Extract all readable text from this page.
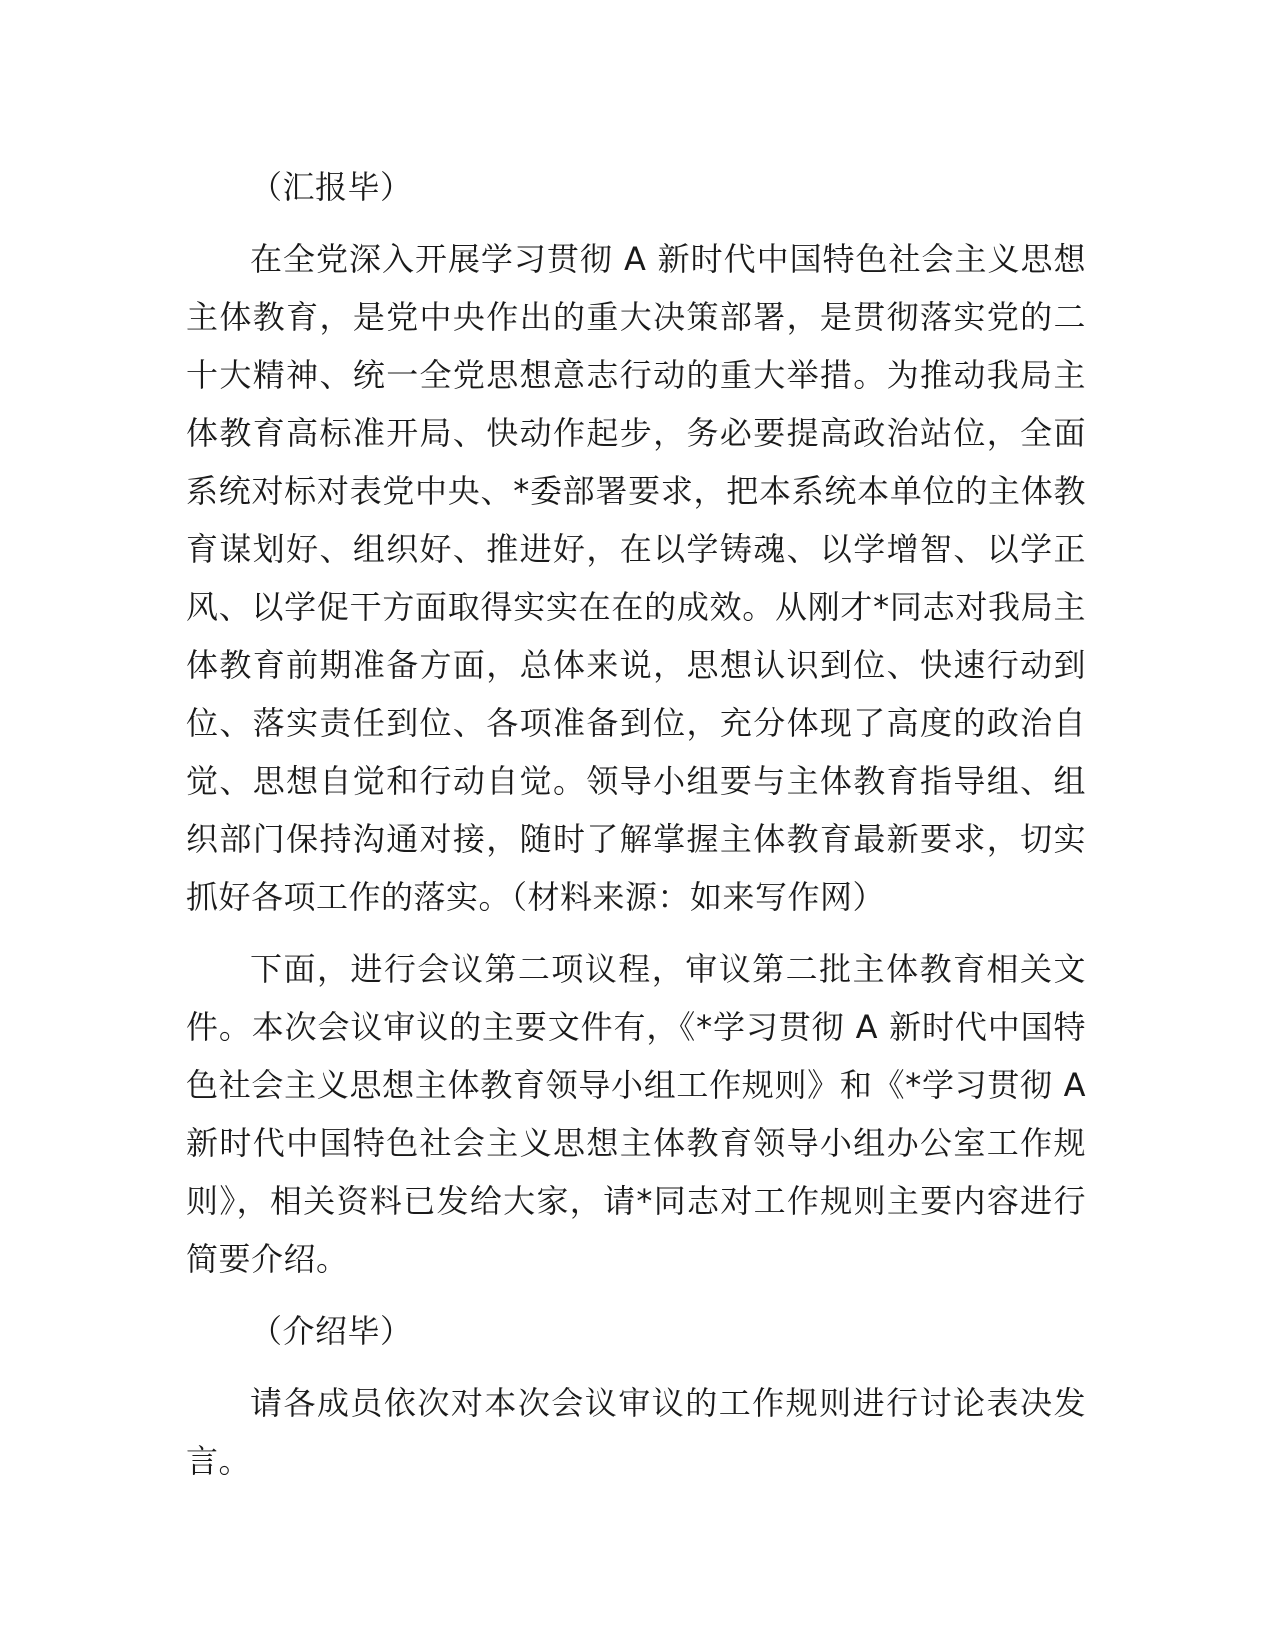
（汇报毕）

在全党深入开展学习贯彻 A 新时代中国特色社会主义思想主体教育，是党中央作出的重大决策部署，是贯彻落实党的二十大精神、统一全党思想意志行动的重大举措。为推动我局主体教育高标准开局、快动作起步，务必要提高政治站位，全面系统对标对表党中央、*委部署要求，把本系统本单位的主体教育谋划好、组织好、推进好，在以学铸魂、以学增智、以学正风、以学促干方面取得实实在在的成效。从刚才*同志对我局主体教育前期准备方面，总体来说，思想认识到位、快速行动到位、落实责任到位、各项准备到位，充分体现了高度的政治自觉、思想自觉和行动自觉。领导小组要与主体教育指导组、组织部门保持沟通对接，随时了解掌握主体教育最新要求，切实抓好各项工作的落实。（材料来源：如来写作网）

下面，进行会议第二项议程，审议第二批主体教育相关文件。本次会议审议的主要文件有，《*学习贯彻 A 新时代中国特色社会主义思想主体教育领导小组工作规则》和《*学习贯彻 A 新时代中国特色社会主义思想主体教育领导小组办公室工作规则》，相关资料已发给大家，请*同志对工作规则主要内容进行简要介绍。

（介绍毕）

请各成员依次对本次会议审议的工作规则进行讨论表决发言。
